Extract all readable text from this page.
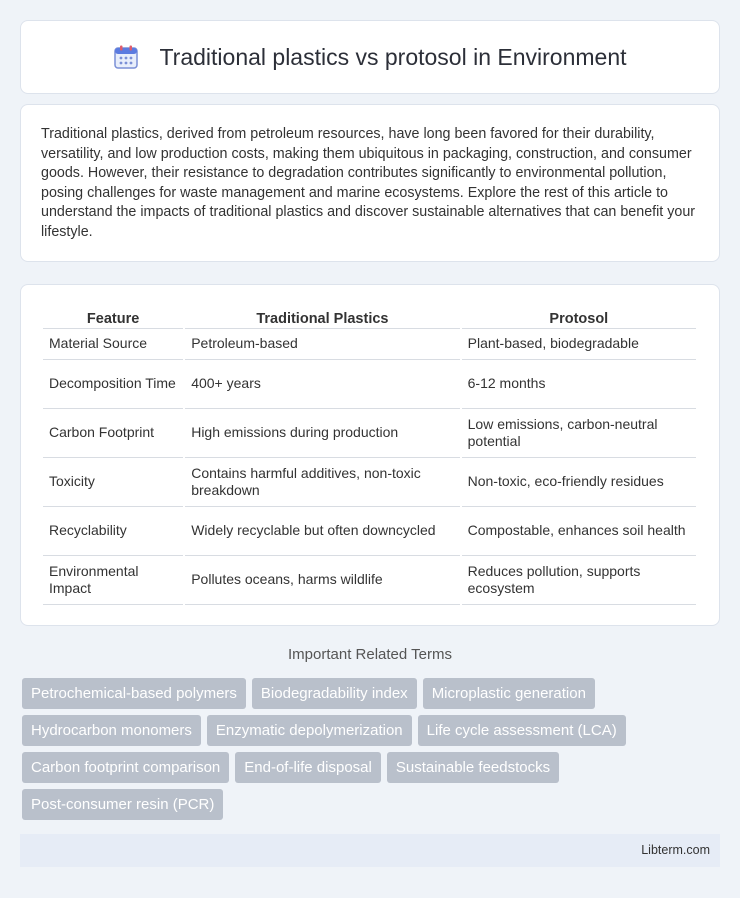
Traditional plastics vs protosol in Environment

Traditional plastics, derived from petroleum resources, have long been favored for their durability, versatility, and low production costs, making them ubiquitous in packaging, construction, and consumer goods. However, their resistance to degradation contributes significantly to environmental pollution, posing challenges for waste management and marine ecosystems. Explore the rest of this article to understand the impacts of traditional plastics and discover sustainable alternatives that can benefit your lifestyle.

Feature	Traditional Plastics	Protosol
Material Source	Petroleum-based	Plant-based, biodegradable
Decomposition Time	400+ years	6-12 months
Carbon Footprint	High emissions during production	Low emissions, carbon-neutral potential
Toxicity	Contains harmful additives, non-toxic breakdown	Non-toxic, eco-friendly residues
Recyclability	Widely recyclable but often downcycled	Compostable, enhances soil health
Environmental Impact	Pollutes oceans, harms wildlife	Reduces pollution, supports ecosystem
Important Related Terms
Petrochemical-based polymers	Biodegradability index	Microplastic generation
Hydrocarbon monomers	Enzymatic depolymerization	Life cycle assessment (LCA)
Carbon footprint comparison	End-of-life disposal	Sustainable feedstocks
Post-consumer resin (PCR)
Libterm.com
